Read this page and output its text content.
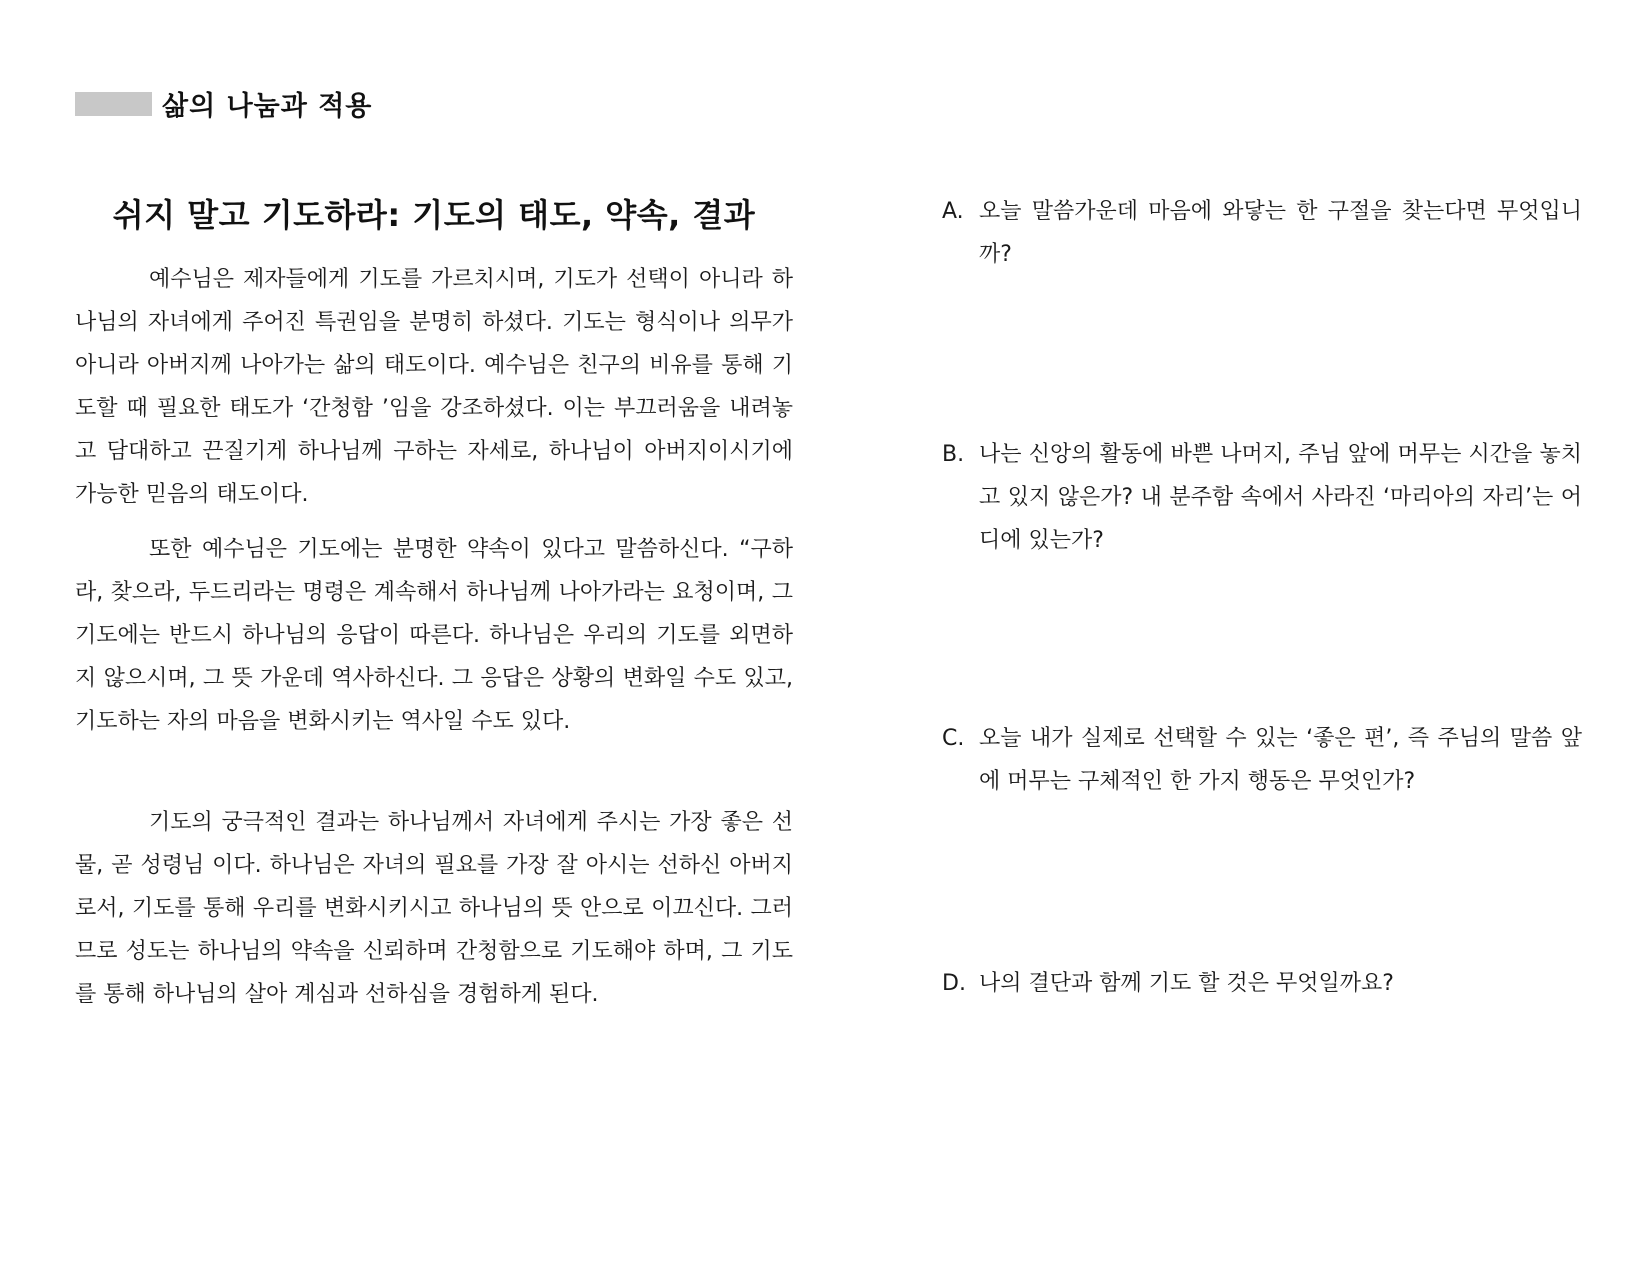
삶의 나눔과 적용
쉬지 말고 기도하라: 기도의 태도, 약속, 결과

예수님은 제자들에게 기도를 가르치시며, 기도가 선택이 아니라 하나님의 자녀에게 주어진 특권임을 분명히 하셨다. 기도는 형식이나 의무가 아니라 아버지께 나아가는 삶의 태도이다. 예수님은 친구의 비유를 통해 기도할 때 필요한 태도가 ‘간청함 ’임을 강조하셨다. 이는 부끄러움을 내려놓고 담대하고 끈질기게 하나님께 구하는 자세로, 하나님이 아버지이시기에 가능한 믿음의 태도이다.

또한 예수님은 기도에는 분명한 약속이 있다고 말씀하신다. “구하라, 찾으라, 두드리라는 명령은 계속해서 하나님께 나아가라는 요청이며, 그 기도에는 반드시 하나님의 응답이 따른다. 하나님은 우리의 기도를 외면하지 않으시며, 그 뜻 가운데 역사하신다. 그 응답은 상황의 변화일 수도 있고, 기도하는 자의 마음을 변화시키는 역사일 수도 있다.

기도의 궁극적인 결과는 하나님께서 자녀에게 주시는 가장 좋은 선물, 곧 성령님 이다. 하나님은 자녀의 필요를 가장 잘 아시는 선하신 아버지로서, 기도를 통해 우리를 변화시키시고 하나님의 뜻 안으로 이끄신다. 그러므로 성도는 하나님의 약속을 신뢰하며 간청함으로 기도해야 하며, 그 기도를 통해 하나님의 살아 계심과 선하심을 경험하게 된다.

A. 오늘 말씀가운데 마음에 와닿는 한 구절을 찾는다면 무엇입니까?
B. 나는 신앙의 활동에 바쁜 나머지, 주님 앞에 머무는 시간을 놓치고 있지 않은가? 내 분주함 속에서 사라진 ‘마리아의 자리’는 어디에 있는가?
C. 오늘 내가 실제로 선택할 수 있는 ‘좋은 편’, 즉 주님의 말씀 앞에 머무는 구체적인 한 가지 행동은 무엇인가?
D. 나의 결단과 함께 기도 할 것은 무엇일까요?
